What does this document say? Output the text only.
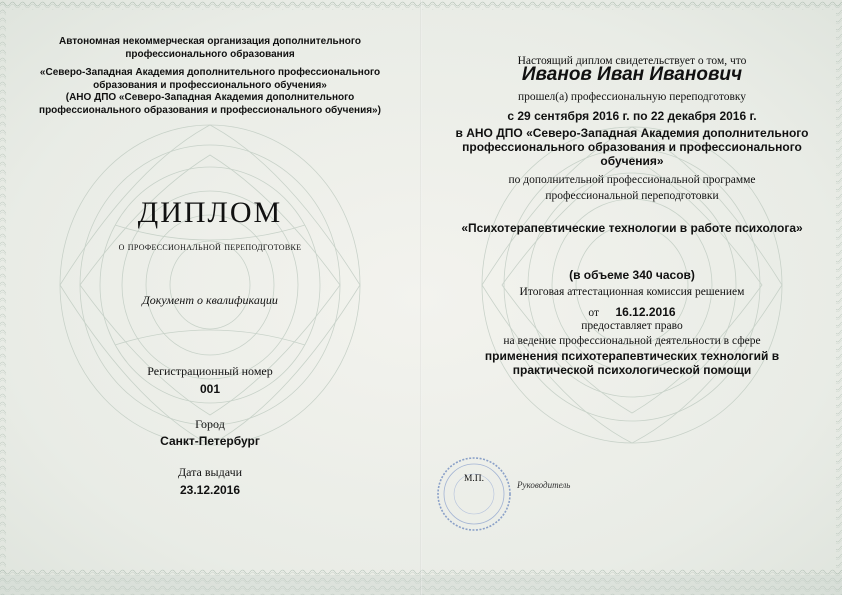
Автономная некоммерческая организация дополнительного
профессионального образования
«Северо-Западная Академия дополнительного профессионального
образования и профессионального обучения»
(АНО ДПО «Северо-Западная Академия дополнительного
профессионального образования и профессионального обучения»)
ДИПЛОМ
о профессиональной переподготовке
Документ о квалификации
Регистрационный номер
001
Город
Санкт-Петербург
Дата выдачи
23.12.2016
Настоящий диплом свидетельствует о том, что
Иванов Иван Иванович
прошел(а) профессиональную переподготовку
с 29 сентября 2016 г. по 22 декабря 2016 г.
в АНО ДПО «Северо-Западная Академия дополнительного
профессионального образования и профессионального
обучения»
по дополнительной профессиональной программе
профессиональной переподготовки
«Психотерапевтические технологии в работе психолога»
(в объеме 340 часов)
Итоговая аттестационная комиссия решением
от 16.12.2016
предоставляет право
на ведение профессиональной деятельности в сфере
применения психотерапевтических технологий в
практической психологической помощи
М.П.
Руководитель
